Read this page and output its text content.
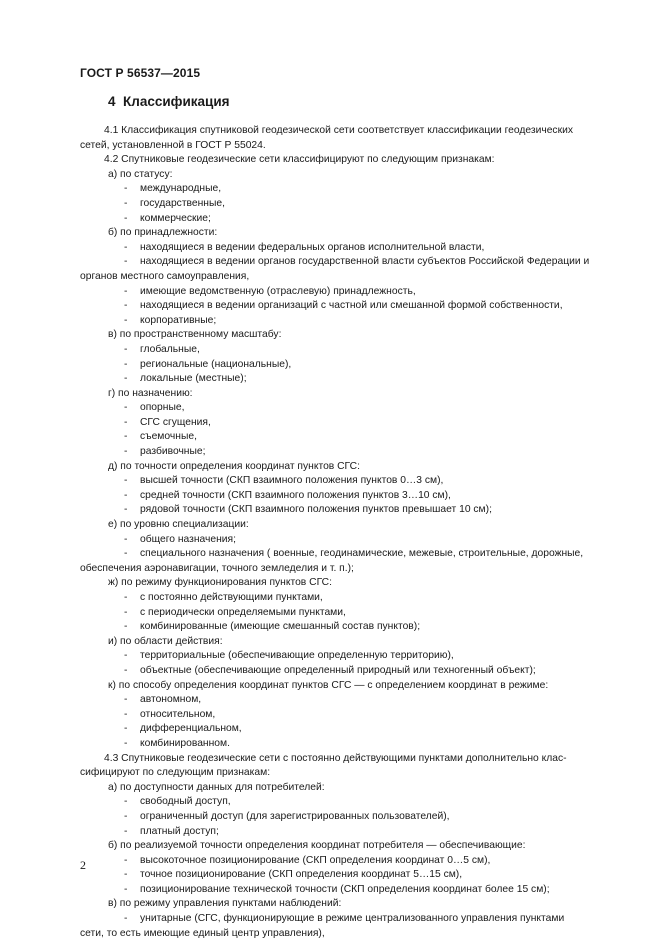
ГОСТ Р 56537—2015
4 Классификация
4.1 Классификация спутниковой геодезической сети соответствует классификации геодезических
сетей, установленной в ГОСТ Р 55024.
4.2 Спутниковые геодезические сети классифицируют по следующим признакам:
а) по статусу:
- международные,
- государственные,
- коммерческие;
б) по принадлежности:
- находящиеся в ведении федеральных органов исполнительной власти,
- находящиеся в ведении органов государственной власти субъектов Российской Федерации и
органов местного самоуправления,
- имеющие ведомственную (отраслевую) принадлежность,
- находящиеся в ведении организаций с частной или смешанной формой собственности,
- корпоративные;
в) по пространственному масштабу:
- глобальные,
- региональные (национальные),
- локальные (местные);
г) по назначению:
- опорные,
- СГС сгущения,
- съемочные,
- разбивочные;
д) по точности определения координат пунктов СГС:
- высшей точности (СКП взаимного положения пунктов 0…3 см),
- средней точности (СКП взаимного положения пунктов 3…10 см),
- рядовой точности (СКП взаимного положения пунктов превышает 10 см);
е) по уровню специализации:
- общего назначения;
- специального назначения ( военные, геодинамические, межевые, строительные, дорожные,
обеспечения аэронавигации, точного земледелия и т. п.);
ж) по режиму функционирования пунктов СГС:
- с постоянно действующими пунктами,
- с периодически определяемыми пунктами,
- комбинированные (имеющие смешанный состав пунктов);
и) по области действия:
- территориальные (обеспечивающие определенную территорию),
- объектные (обеспечивающие определенный природный или техногенный объект);
к) по способу определения координат пунктов СГС — с определением координат в режиме:
- автономном,
- относительном,
- дифференциальном,
- комбинированном.
4.3 Спутниковые геодезические сети с постоянно действующими пунктами дополнительно клас-
сифицируют по следующим признакам:
а) по доступности данных для потребителей:
- свободный доступ,
- ограниченный доступ (для зарегистрированных пользователей),
- платный доступ;
б) по реализуемой точности определения координат потребителя — обеспечивающие:
- высокоточное позиционирование (СКП определения координат 0…5 см),
- точное позиционирование (СКП определения координат 5…15 см),
- позиционирование технической точности (СКП определения координат более 15 см);
в) по режиму управления пунктами наблюдений:
- унитарные (СГС, функционирующие в режиме централизованного управления пунктами
сети, то есть имеющие единый центр управления),
2
